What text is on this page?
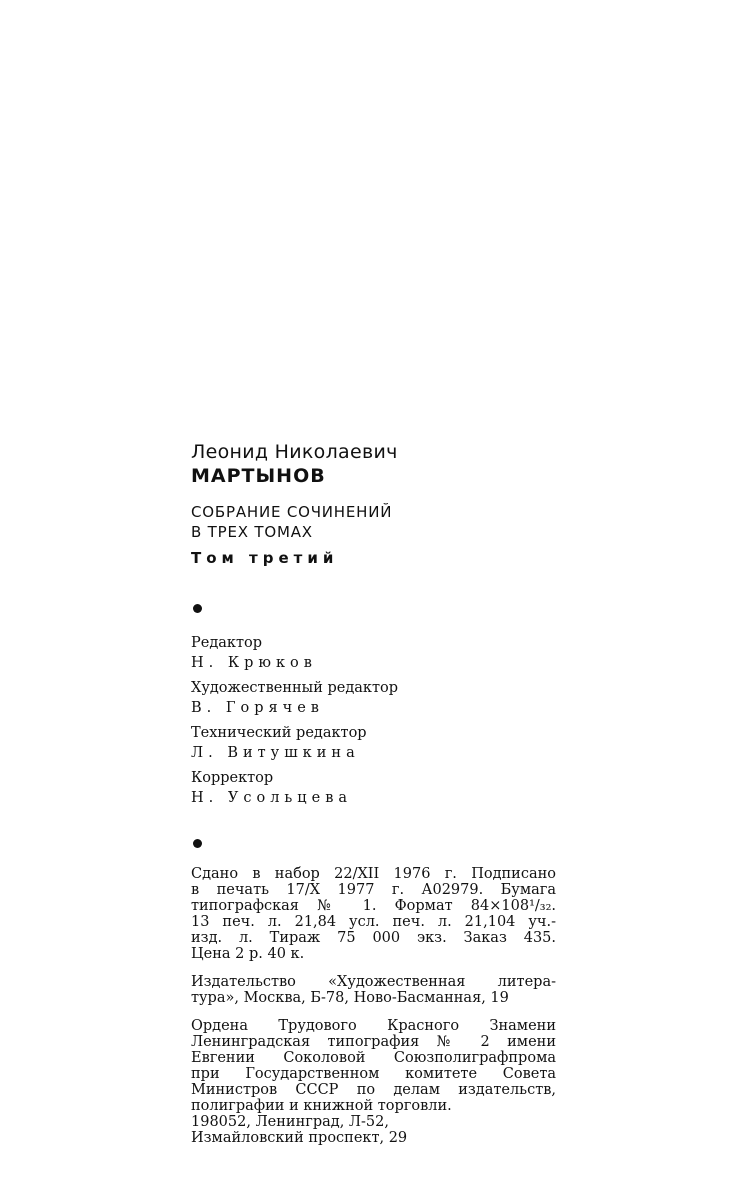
Леонид Николаевич
МАРТЫНОВ
СОБРАНИЕ СОЧИНЕНИЙ
В ТРЕХ ТОМАХ
Том третий
Редактор
Н. Крюков
Художественный редактор
В. Горячев
Технический редактор
Л. Витушкина
Корректор
Н. Усольцева
Сдано в набор 22/XII 1976 г. Подписано
в печать 17/X 1977 г. А02979. Бумага
типографская № 1. Формат 84×108¹/₃₂.
13 печ. л. 21,84 усл. печ. л. 21,104 уч.-
изд. л. Тираж 75 000 экз. Заказ 435.
Цена 2 р. 40 к.
Издательство «Художественная литера-
тура», Москва, Б-78, Ново-Басманная, 19
Ордена Трудового Красного Знамени
Ленинградская типография № 2 имени
Евгении Соколовой Союзполиграфпрома
при Государственном комитете Совета
Министров СССР по делам издательств,
полиграфии и книжной торговли.
198052, Ленинград, Л-52,
Измайловский проспект, 29
